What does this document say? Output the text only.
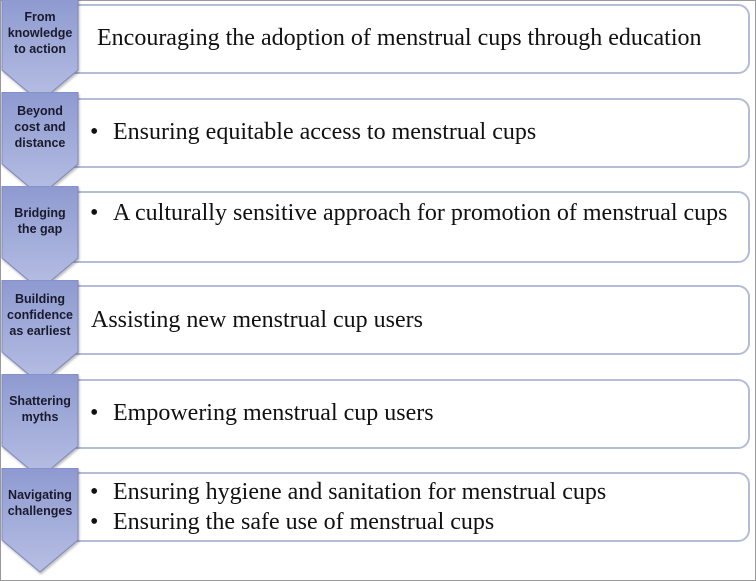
From
knowledge
to action Encouraging the adoption of menstrual cups through education
Beyond
cost and
distance	• Ensuring equitable access to menstrual cups
Bridging
the gap
• A culturally sensitive approach for promotion of menstrual cups
Building
confidence
as earliest Assisting new menstrual cup users
Shattering
myths	• Empowering menstrual cup users
Navigating
challenges
• Ensuring hygiene and sanitation for menstrual cups
• Ensuring the safe use of menstrual cups
